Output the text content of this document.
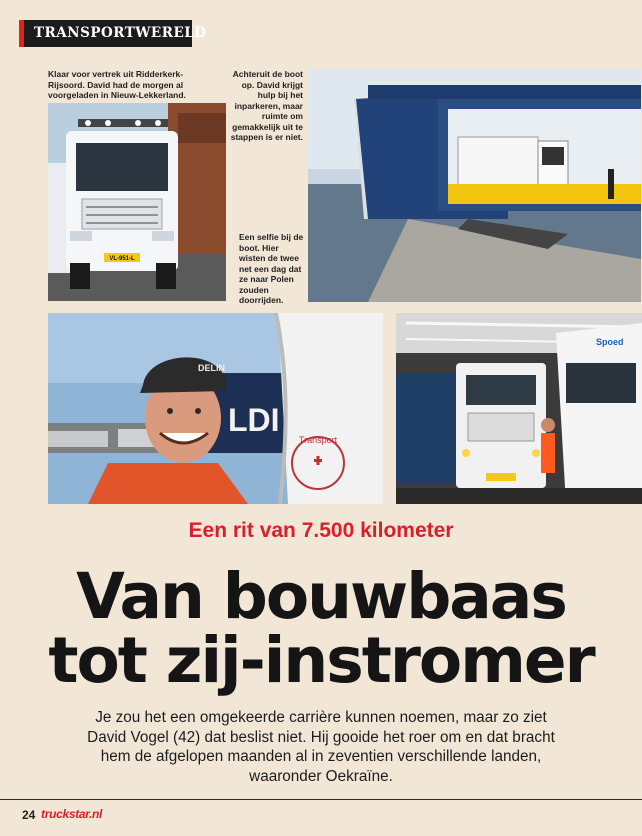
TRANSPORTWERELD
Klaar voor vertrek uit Ridderkerk-Rijsoord. David had de morgen al voorgeladen in Nieuw-Lekkerland.
VL-951-L
Achteruit de boot op. David krijgt hulp bij het inparkeren, maar ruimte om gemakkelijk uit te stappen is er niet.
Een selfie bij de boot. Hier wisten de twee net een dag dat ze naar Polen zouden doorrijden.
LDI
Transport
DELIN
Spoed
Een rit van 7.500 kilometer
Van bouwbaas
tot zij-instromer
Je zou het een omgekeerde carrière kunnen noemen, maar zo ziet David Vogel (42) dat beslist niet. Hij gooide het roer om en dat bracht hem de afgelopen maanden al in zeventien verschillende landen, waaronder Oekraïne.
24 truckstar.nl
